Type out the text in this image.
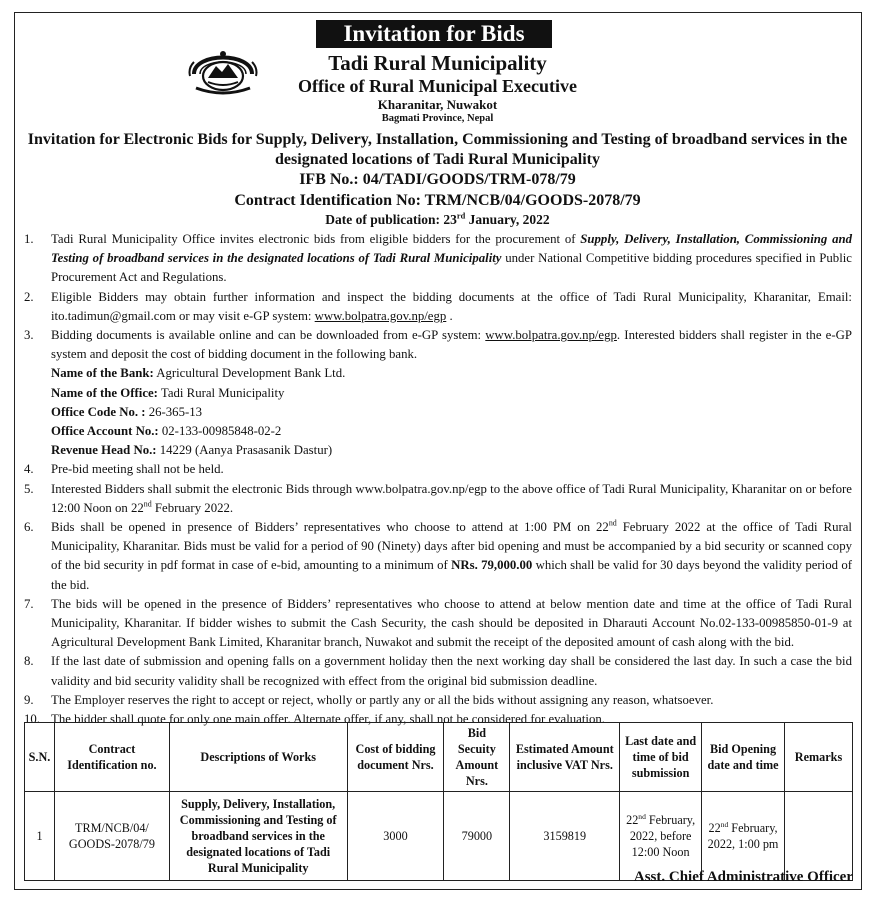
Invitation for Bids
Tadi Rural Municipality
Office of Rural Municipal Executive
Kharanitar, Nuwakot
Bagmati Province, Nepal
Invitation for Electronic Bids for Supply, Delivery, Installation, Commissioning and Testing of broadband services in the designated locations of Tadi Rural Municipality
IFB No.: 04/TADI/GOODS/TRM-078/79
Contract Identification No: TRM/NCB/04/GOODS-2078/79
Date of publication: 23rd January, 2022
1.	Tadi Rural Municipality Office invites electronic bids from eligible bidders for the procurement of Supply, Delivery, Installation, Commissioning and Testing of broadband services in the designated locations of Tadi Rural Municipality under National Competitive bidding procedures specified in Public Procurement Act and Regulations.
2.	Eligible Bidders may obtain further information and inspect the bidding documents at the office of Tadi Rural Municipality, Kharanitar, Email: ito.tadimun@gmail.com or may visit e-GP system: www.bolpatra.gov.np/egp .
3.	Bidding documents is available online and can be downloaded from e-GP system: www.bolpatra.gov.np/egp. Interested bidders shall register in the e-GP system and deposit the cost of bidding document in the following bank.
Name of the Bank: Agricultural Development Bank Ltd.
Name of the Office: Tadi Rural Municipality
Office Code No. : 26-365-13
Office Account No.: 02-133-00985848-02-2
Revenue Head No.: 14229 (Aanya Prasasanik Dastur)
4.	Pre-bid meeting shall not be held.
5.	Interested Bidders shall submit the electronic Bids through www.bolpatra.gov.np/egp to the above office of Tadi Rural Municipality, Kharanitar on or before 12:00 Noon on 22nd February 2022.
6.	Bids shall be opened in presence of Bidders’ representatives who choose to attend at 1:00 PM on 22nd February 2022 at the office of Tadi Rural Municipality, Kharanitar. Bids must be valid for a period of 90 (Ninety) days after bid opening and must be accompanied by a bid security or scanned copy of the bid security in pdf format in case of e-bid, amounting to a minimum of NRs. 79,000.00 which shall be valid for 30 days beyond the validity period of the bid.
7.	The bids will be opened in the presence of Bidders’ representatives who choose to attend at below mention date and time at the office of Tadi Rural Municipality, Kharanitar. If bidder wishes to submit the Cash Security, the cash should be deposited in Dharauti Account No.02-133-00985850-01-9 at Agricultural Development Bank Limited, Kharanitar branch, Nuwakot and submit the receipt of the deposited amount of cash along with the bid.
8.	If the last date of submission and opening falls on a government holiday then the next working day shall be considered the last day. In such a case the bid validity and bid security validity shall be recognized with effect from the original bid submission deadline.
9.	The Employer reserves the right to accept or reject, wholly or partly any or all the bids without assigning any reason, whatsoever.
10. The bidder shall quote for only one main offer. Alternate offer, if any, shall not be considered for evaluation.
S.N.	Contract Identification no.	Descriptions of Works	Cost of bidding document Nrs.	Bid Secuity Amount Nrs.	Estimated Amount inclusive VAT Nrs.	Last date and time of bid submission	Bid Opening date and time	Remarks
1	TRM/NCB/04/ GOODS-2078/79	Supply, Delivery, Installation, Commissioning and Testing of broadband services in the designated locations of Tadi Rural Municipality	3000	79000	3159819	22nd February, 2022, before 12:00 Noon	22nd February, 2022, 1:00 pm	
Asst. Chief Administrative Officer
